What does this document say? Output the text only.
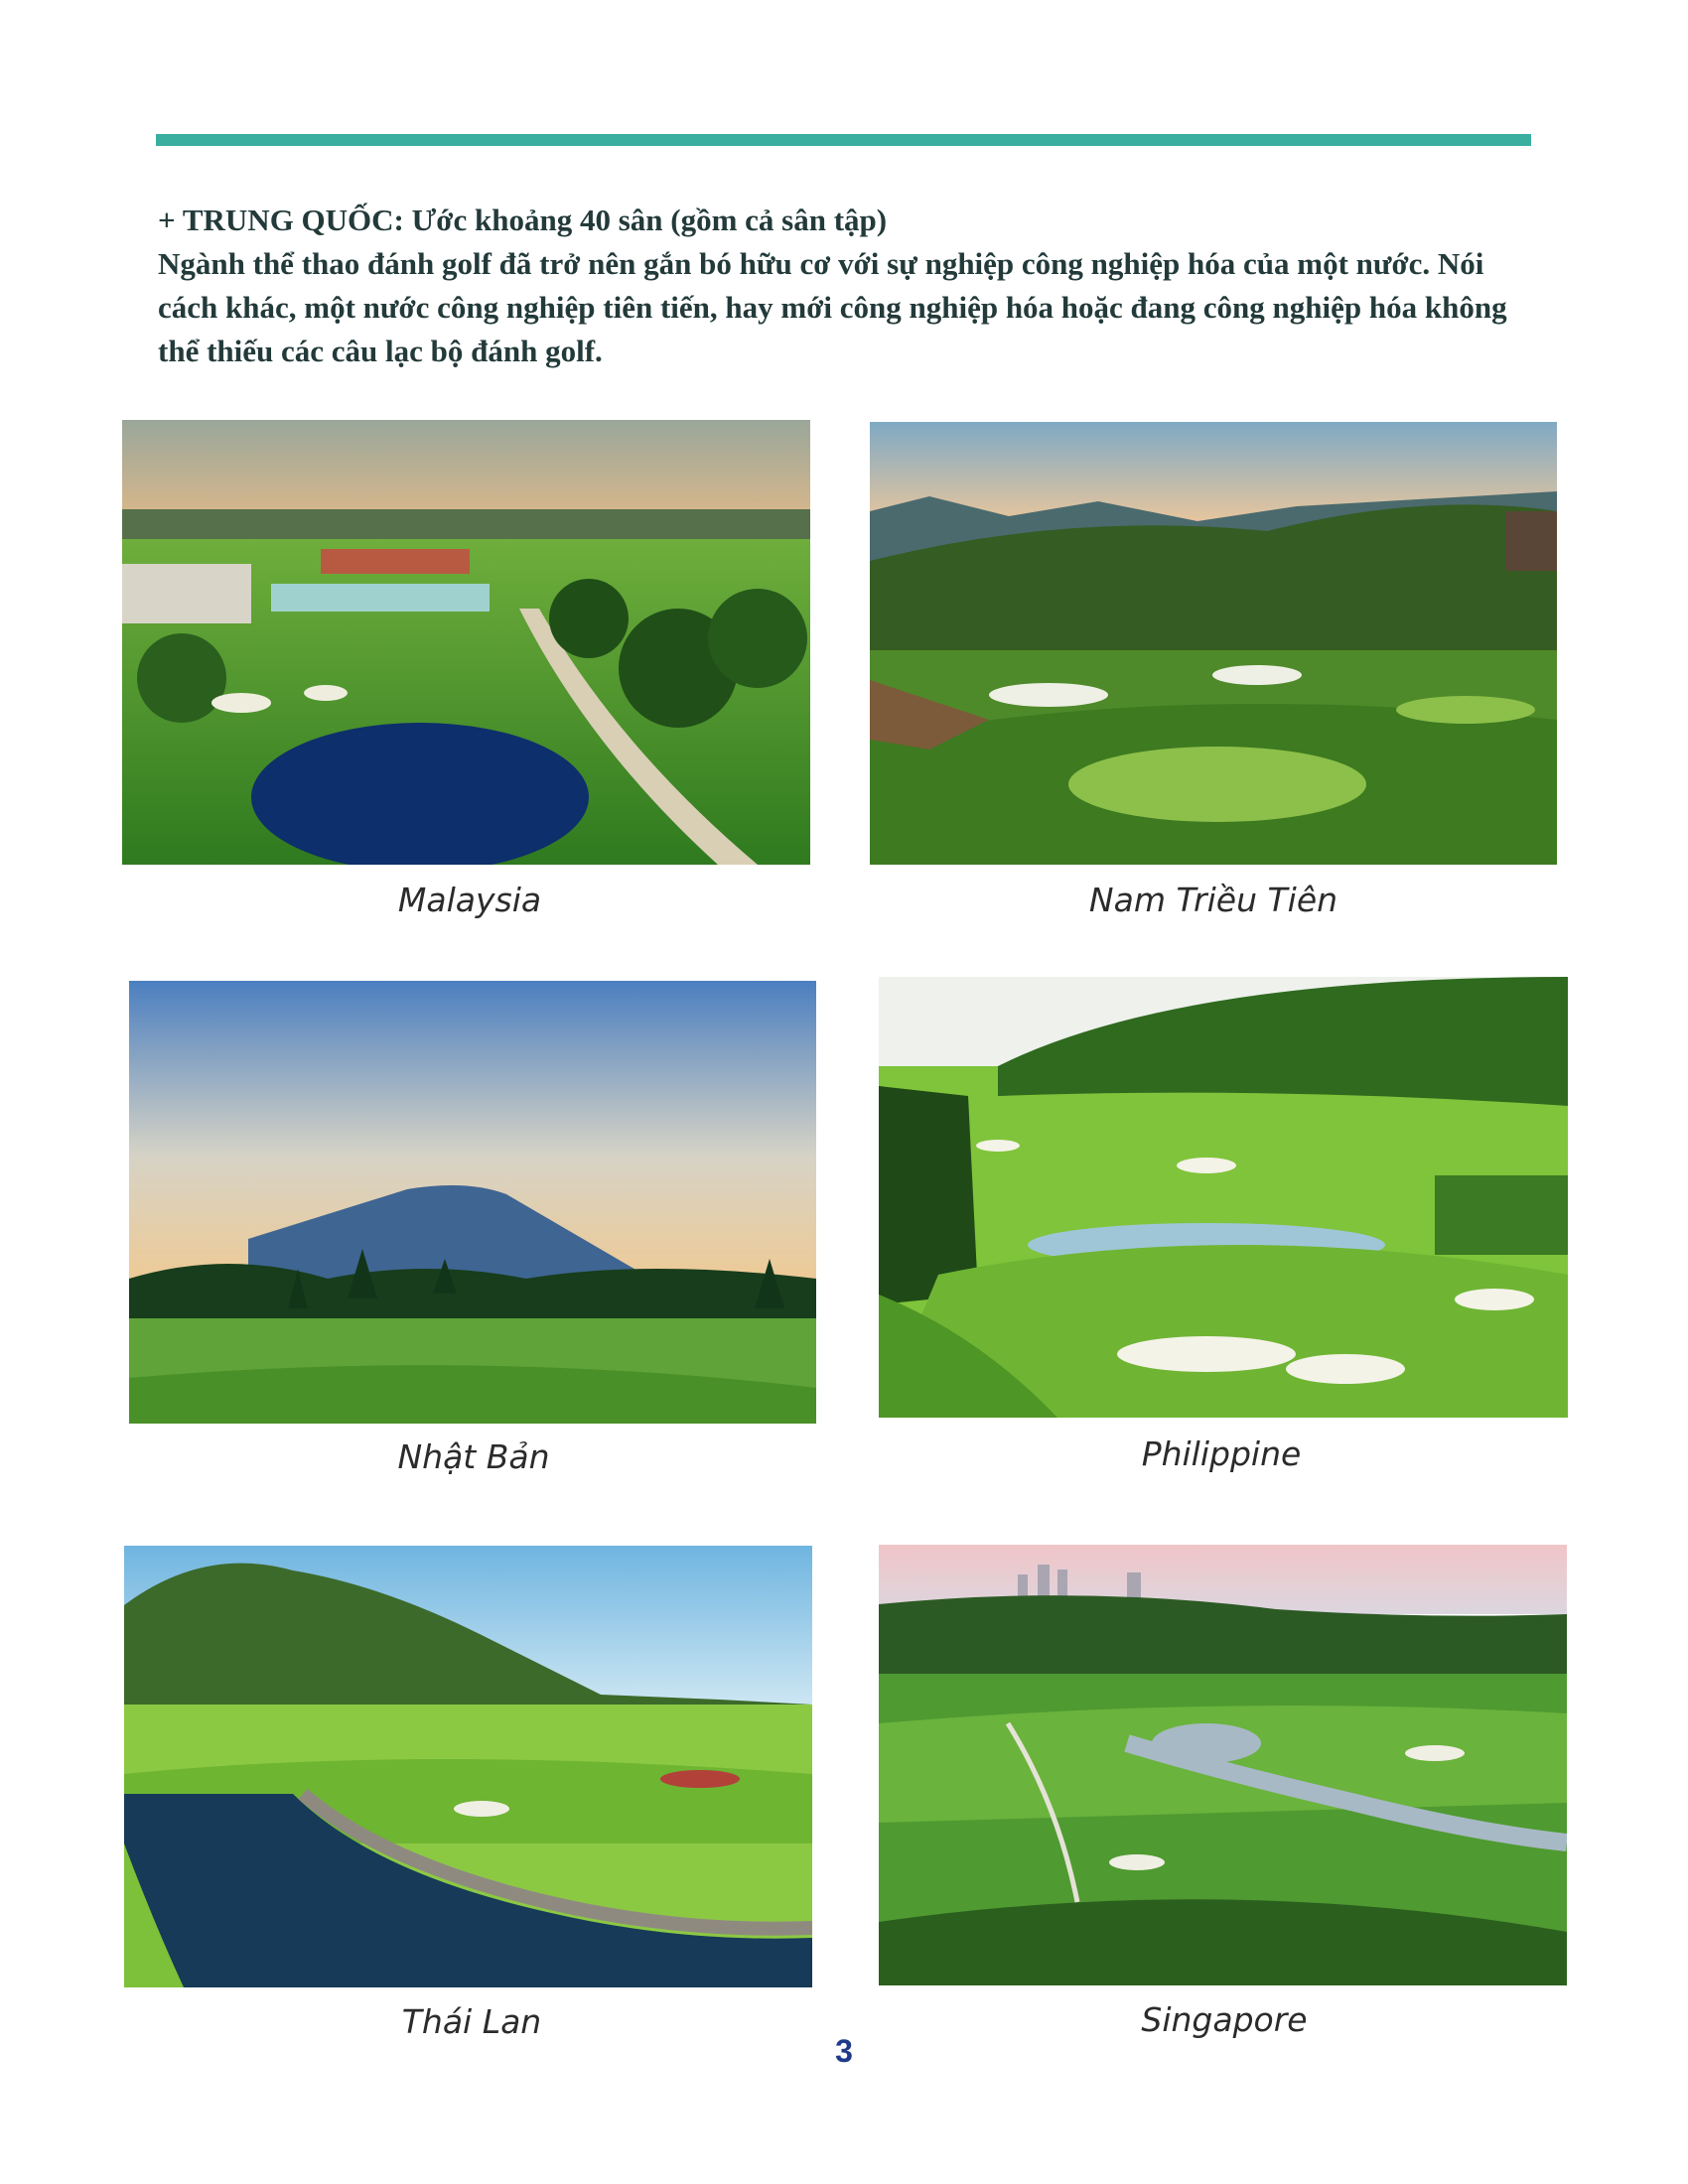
+ TRUNG QUỐC: Ước khoảng 40 sân (gồm cả sân tập)

Ngành thể thao đánh golf đã trở nên gắn bó hữu cơ với sự nghiệp công nghiệp hóa của một nước. Nói cách khác, một nước công nghiệp tiên tiến, hay mới công nghiệp hóa hoặc đang công nghiệp hóa không thể thiếu các câu lạc bộ đánh golf.

Malaysia	Nam Triều Tiên
Nhật Bản	Philippine
Thái Lan	Singapore
3
